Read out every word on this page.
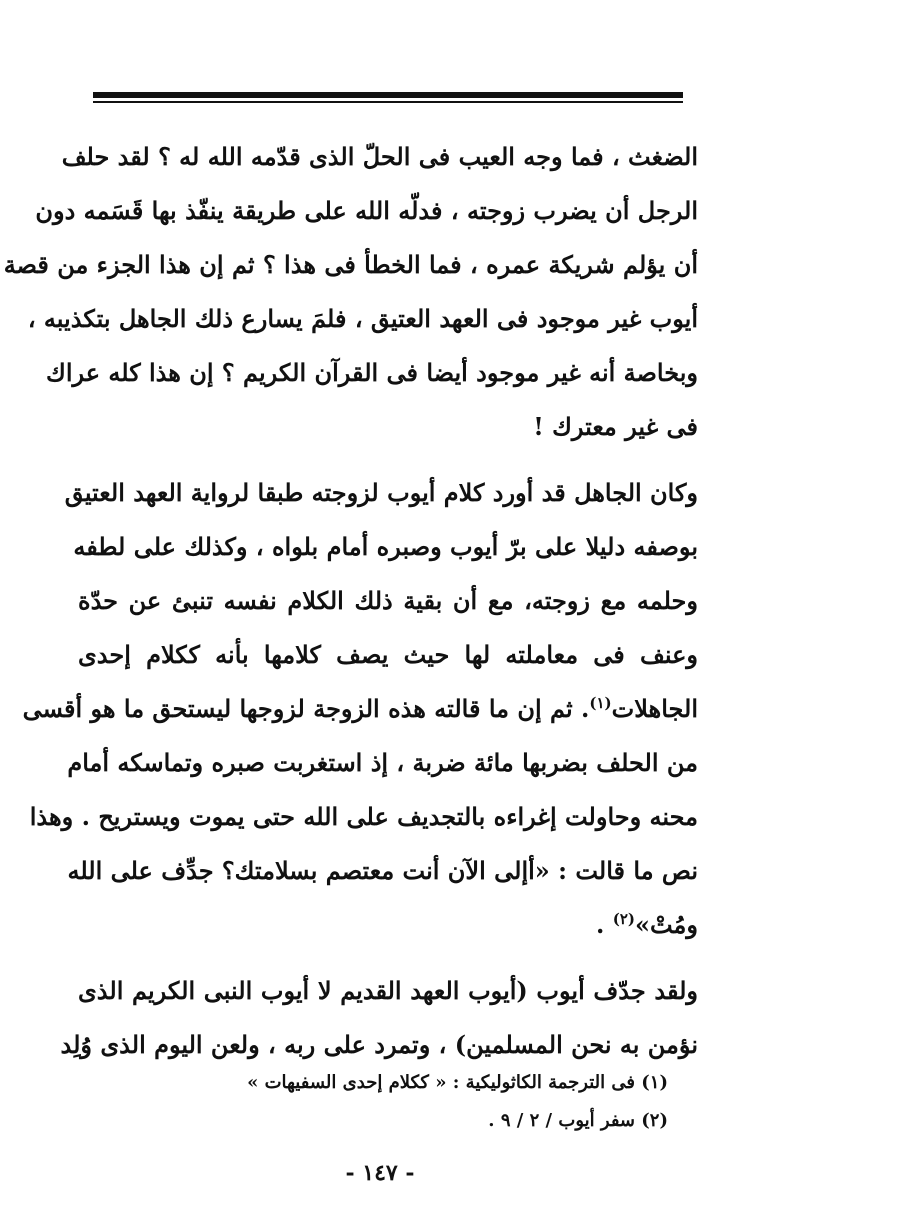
الضغث ، فما وجه العيب فى الحلّ الذى قدّمه الله له ؟ لقد حلف
الرجل أن يضرب زوجته ، فدلّه الله على طريقة ينفّذ بها قَسَمه دون
أن يؤلم شريكة عمره ، فما الخطأ فى هذا ؟ ثم إن هذا الجزء من قصة
أيوب غير موجود فى العهد العتيق ، فلمَ يسارع ذلك الجاهل بتكذيبه ،
وبخاصة أنه غير موجود أيضا فى القرآن الكريم ؟ إن هذا كله عراك
فى غير معترك !
وكان الجاهل قد أورد كلام أيوب لزوجته طبقا لرواية العهد العتيق
بوصفه دليلا على برّ أيوب وصبره أمام بلواه ، وكذلك على لطفه
وحلمه مع زوجته، مع أن بقية ذلك الكلام نفسه تنبئ عن حدّة
وعنف فى معاملته لها حيث يصف كلامها بأنه ككلام إحدى
الجاهلات$^{(١)}$. ثم إن ما قالته هذه الزوجة لزوجها ليستحق ما هو أقسى
من الحلف بضربها مائة ضربة ، إذ استغربت صبره وتماسكه أمام
محنه وحاولت إغراءه بالتجديف على الله حتى يموت ويستريح . وهذا
نص ما قالت : «أإلى الآن أنت معتصم بسلامتك؟ جدِّف على الله
ومُتْ»$^{(٢)}$ .
ولقد جدّف أيوب (أيوب العهد القديم لا أيوب النبى الكريم الذى
نؤمن به نحن المسلمين) ، وتمرد على ربه ، ولعن اليوم الذى وُلِد
(١) فى الترجمة الكاثوليكية : « ككلام إحدى السفيهات »
(٢) سفر أيوب / ٢ / ٩ .
- ١٤٧ -
